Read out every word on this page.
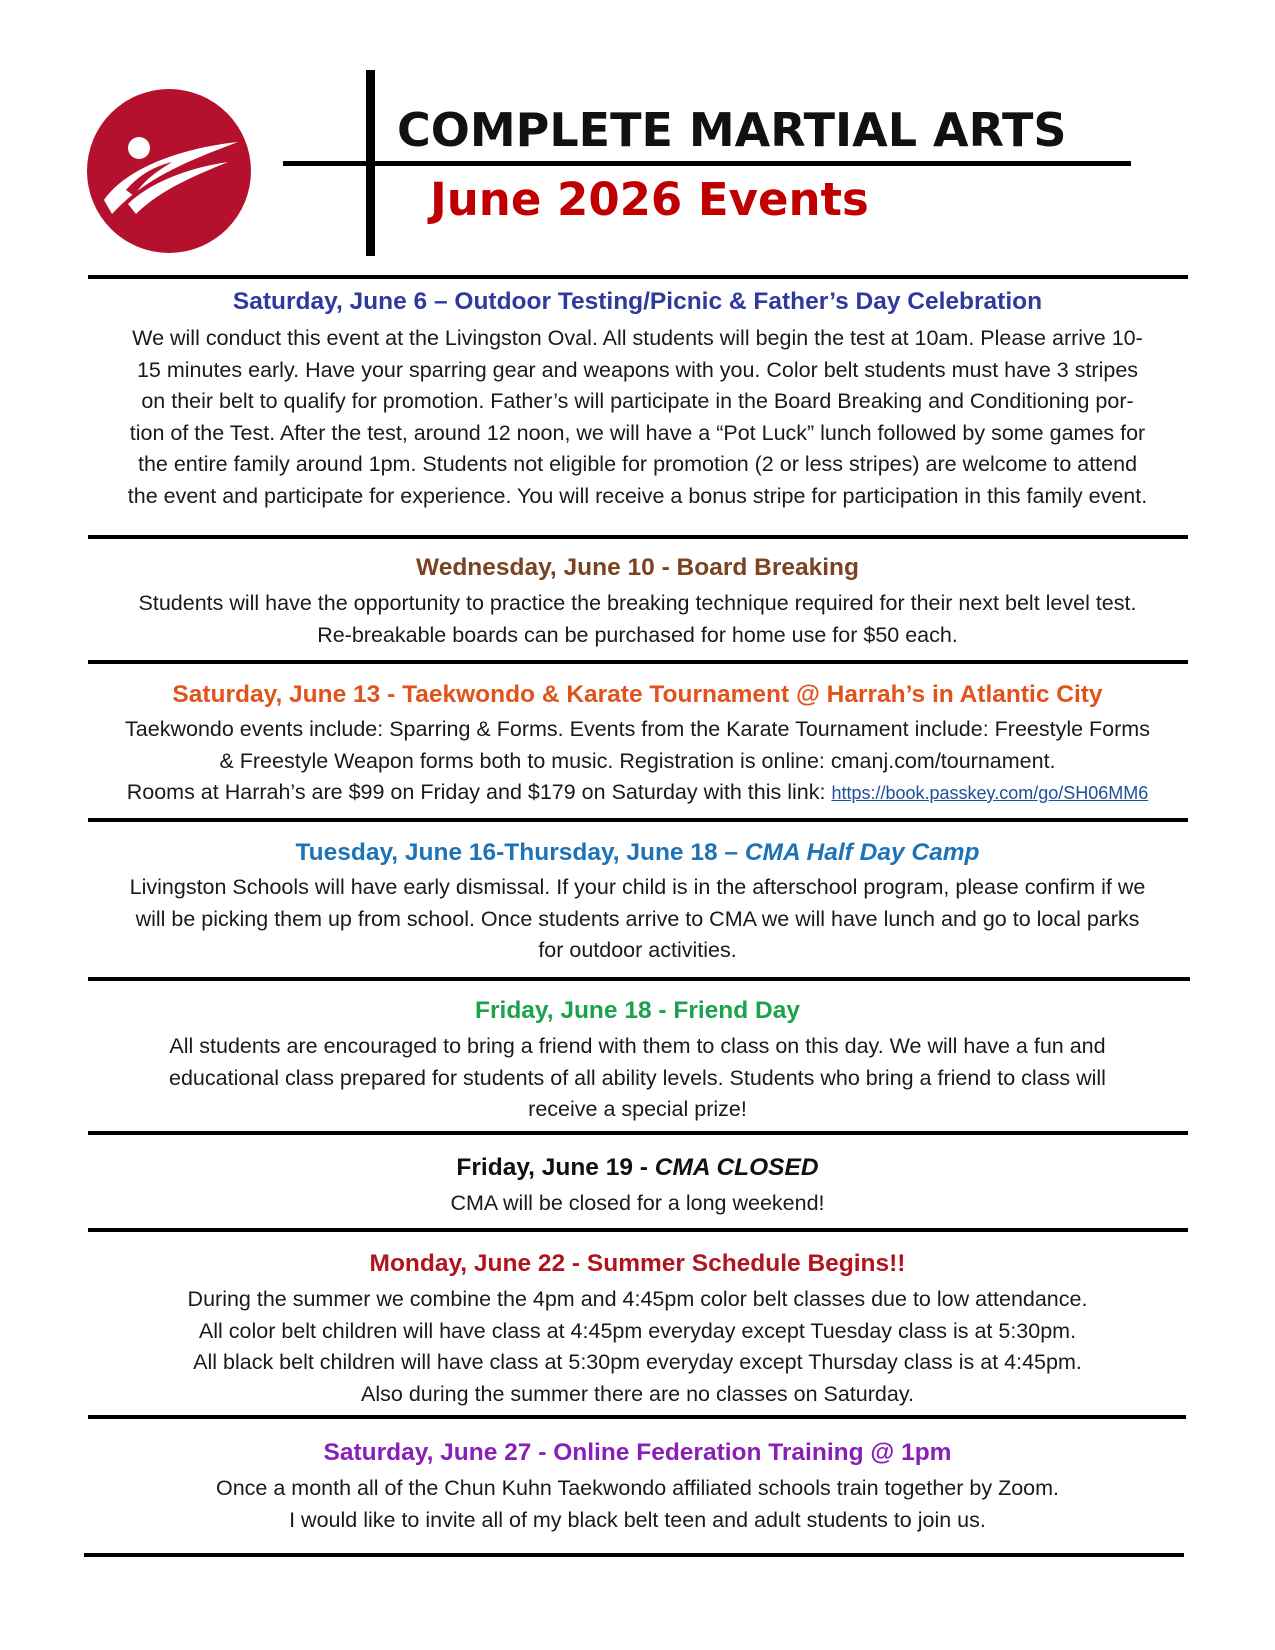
COMPLETE MARTIAL ARTS
June 2026 Events
Saturday, June 6 – Outdoor Testing/Picnic & Father’s Day Celebration
We will conduct this event at the Livingston Oval. All students will begin the test at 10am. Please arrive 10-
15 minutes early. Have your sparring gear and weapons with you. Color belt students must have 3 stripes
on their belt to qualify for promotion. Father’s will participate in the Board Breaking and Conditioning por-
tion of the Test. After the test, around 12 noon, we will have a “Pot Luck” lunch followed by some games for
the entire family around 1pm. Students not eligible for promotion (2 or less stripes) are welcome to attend
the event and participate for experience. You will receive a bonus stripe for participation in this family event.
Wednesday, June 10 - Board Breaking
Students will have the opportunity to practice the breaking technique required for their next belt level test.
Re-breakable boards can be purchased for home use for $50 each.
Saturday, June 13 - Taekwondo & Karate Tournament @ Harrah’s in Atlantic City
Taekwondo events include: Sparring & Forms. Events from the Karate Tournament include: Freestyle Forms
& Freestyle Weapon forms both to music. Registration is online: cmanj.com/tournament.
Rooms at Harrah’s are $99 on Friday and $179 on Saturday with this link: https://book.passkey.com/go/SH06MM6
Tuesday, June 16-Thursday, June 18 – CMA Half Day Camp
Livingston Schools will have early dismissal. If your child is in the afterschool program, please confirm if we
will be picking them up from school. Once students arrive to CMA we will have lunch and go to local parks
for outdoor activities.
Friday, June 18 - Friend Day
All students are encouraged to bring a friend with them to class on this day. We will have a fun and
educational class prepared for students of all ability levels. Students who bring a friend to class will
receive a special prize!
Friday, June 19 - CMA CLOSED
CMA will be closed for a long weekend!
Monday, June 22 - Summer Schedule Begins!!
During the summer we combine the 4pm and 4:45pm color belt classes due to low attendance.
All color belt children will have class at 4:45pm everyday except Tuesday class is at 5:30pm.
All black belt children will have class at 5:30pm everyday except Thursday class is at 4:45pm.
Also during the summer there are no classes on Saturday.
Saturday, June 27 - Online Federation Training @ 1pm
Once a month all of the Chun Kuhn Taekwondo affiliated schools train together by Zoom.
I would like to invite all of my black belt teen and adult students to join us.
